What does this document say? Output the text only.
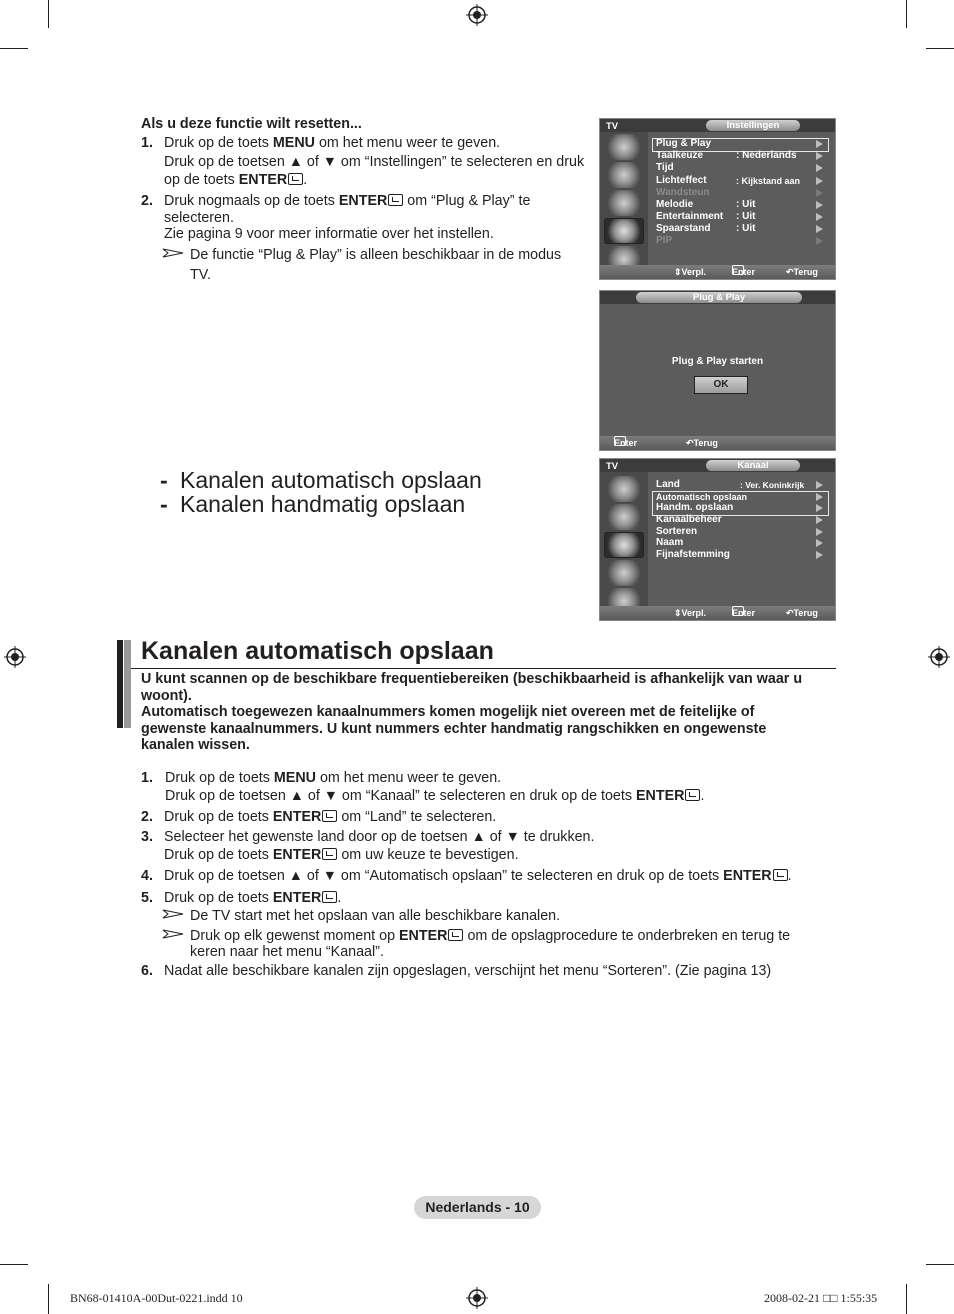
Als u deze functie wilt resetten...
1. Druk op de toets MENU om het menu weer te geven.
Druk op de toetsen ▲ of ▼ om “Instellingen” te selecteren en druk
op de toets ENTER .
2. Druk nogmaals op de toets ENTER om “Plug & Play” te
selecteren.
Zie pagina 9 voor meer informatie over het instellen.
De functie “Plug & Play” is alleen beschikbaar in de modus
TV.
TV	Instellingen
Plug & Play
Taalkeuze	: Nederlands
Tijd
Lichteffect	: Kijkstand aan
Wandsteun
Melodie	: Uit
Entertainment : Uit
Spaarstand	: Uit
PIP
⇕ Verpl.	Enter	↶ Terug
Plug & Play
Plug & Play starten
OK
Enter	↶ Terug
- Kanalen automatisch opslaan
- Kanalen handmatig opslaan
TV	Kanaal
Land	: Ver. Koninkrijk
Automatisch opslaan
Handm. opslaan
Kanaalbeheer
Sorteren
Naam
Fijnafstemming
⇕ Verpl.	Enter	↶ Terug
Kanalen automatisch opslaan
U kunt scannen op de beschikbare frequentiebereiken (beschikbaarheid is afhankelijk van waar u
woont).
Automatisch toegewezen kanaalnummers komen mogelijk niet overeen met de feitelijke of
gewenste kanaalnummers. U kunt nummers echter handmatig rangschikken en ongewenste
kanalen wissen.
1. Druk op de toets MENU om het menu weer te geven.
Druk op de toetsen ▲ of ▼ om “Kanaal” te selecteren en druk op de toets ENTER .
2. Druk op de toets ENTER om “Land” te selecteren.
3. Selecteer het gewenste land door op de toetsen ▲ of ▼ te drukken.
Druk op de toets ENTER om uw keuze te bevestigen.
4. Druk op de toetsen ▲ of ▼ om “Automatisch opslaan” te selecteren en druk op de toets ENTER .
5. Druk op de toets ENTER .
De TV start met het opslaan van alle beschikbare kanalen.
Druk op elk gewenst moment op ENTER om de opslagprocedure te onderbreken en terug te
keren naar het menu “Kanaal”.
6. Nadat alle beschikbare kanalen zijn opgeslagen, verschijnt het menu “Sorteren”. (Zie pagina 13)
Nederlands - 10
BN68-01410A-00Dut-0221.indd 10	2008-02-21 □□ 1:55:35
